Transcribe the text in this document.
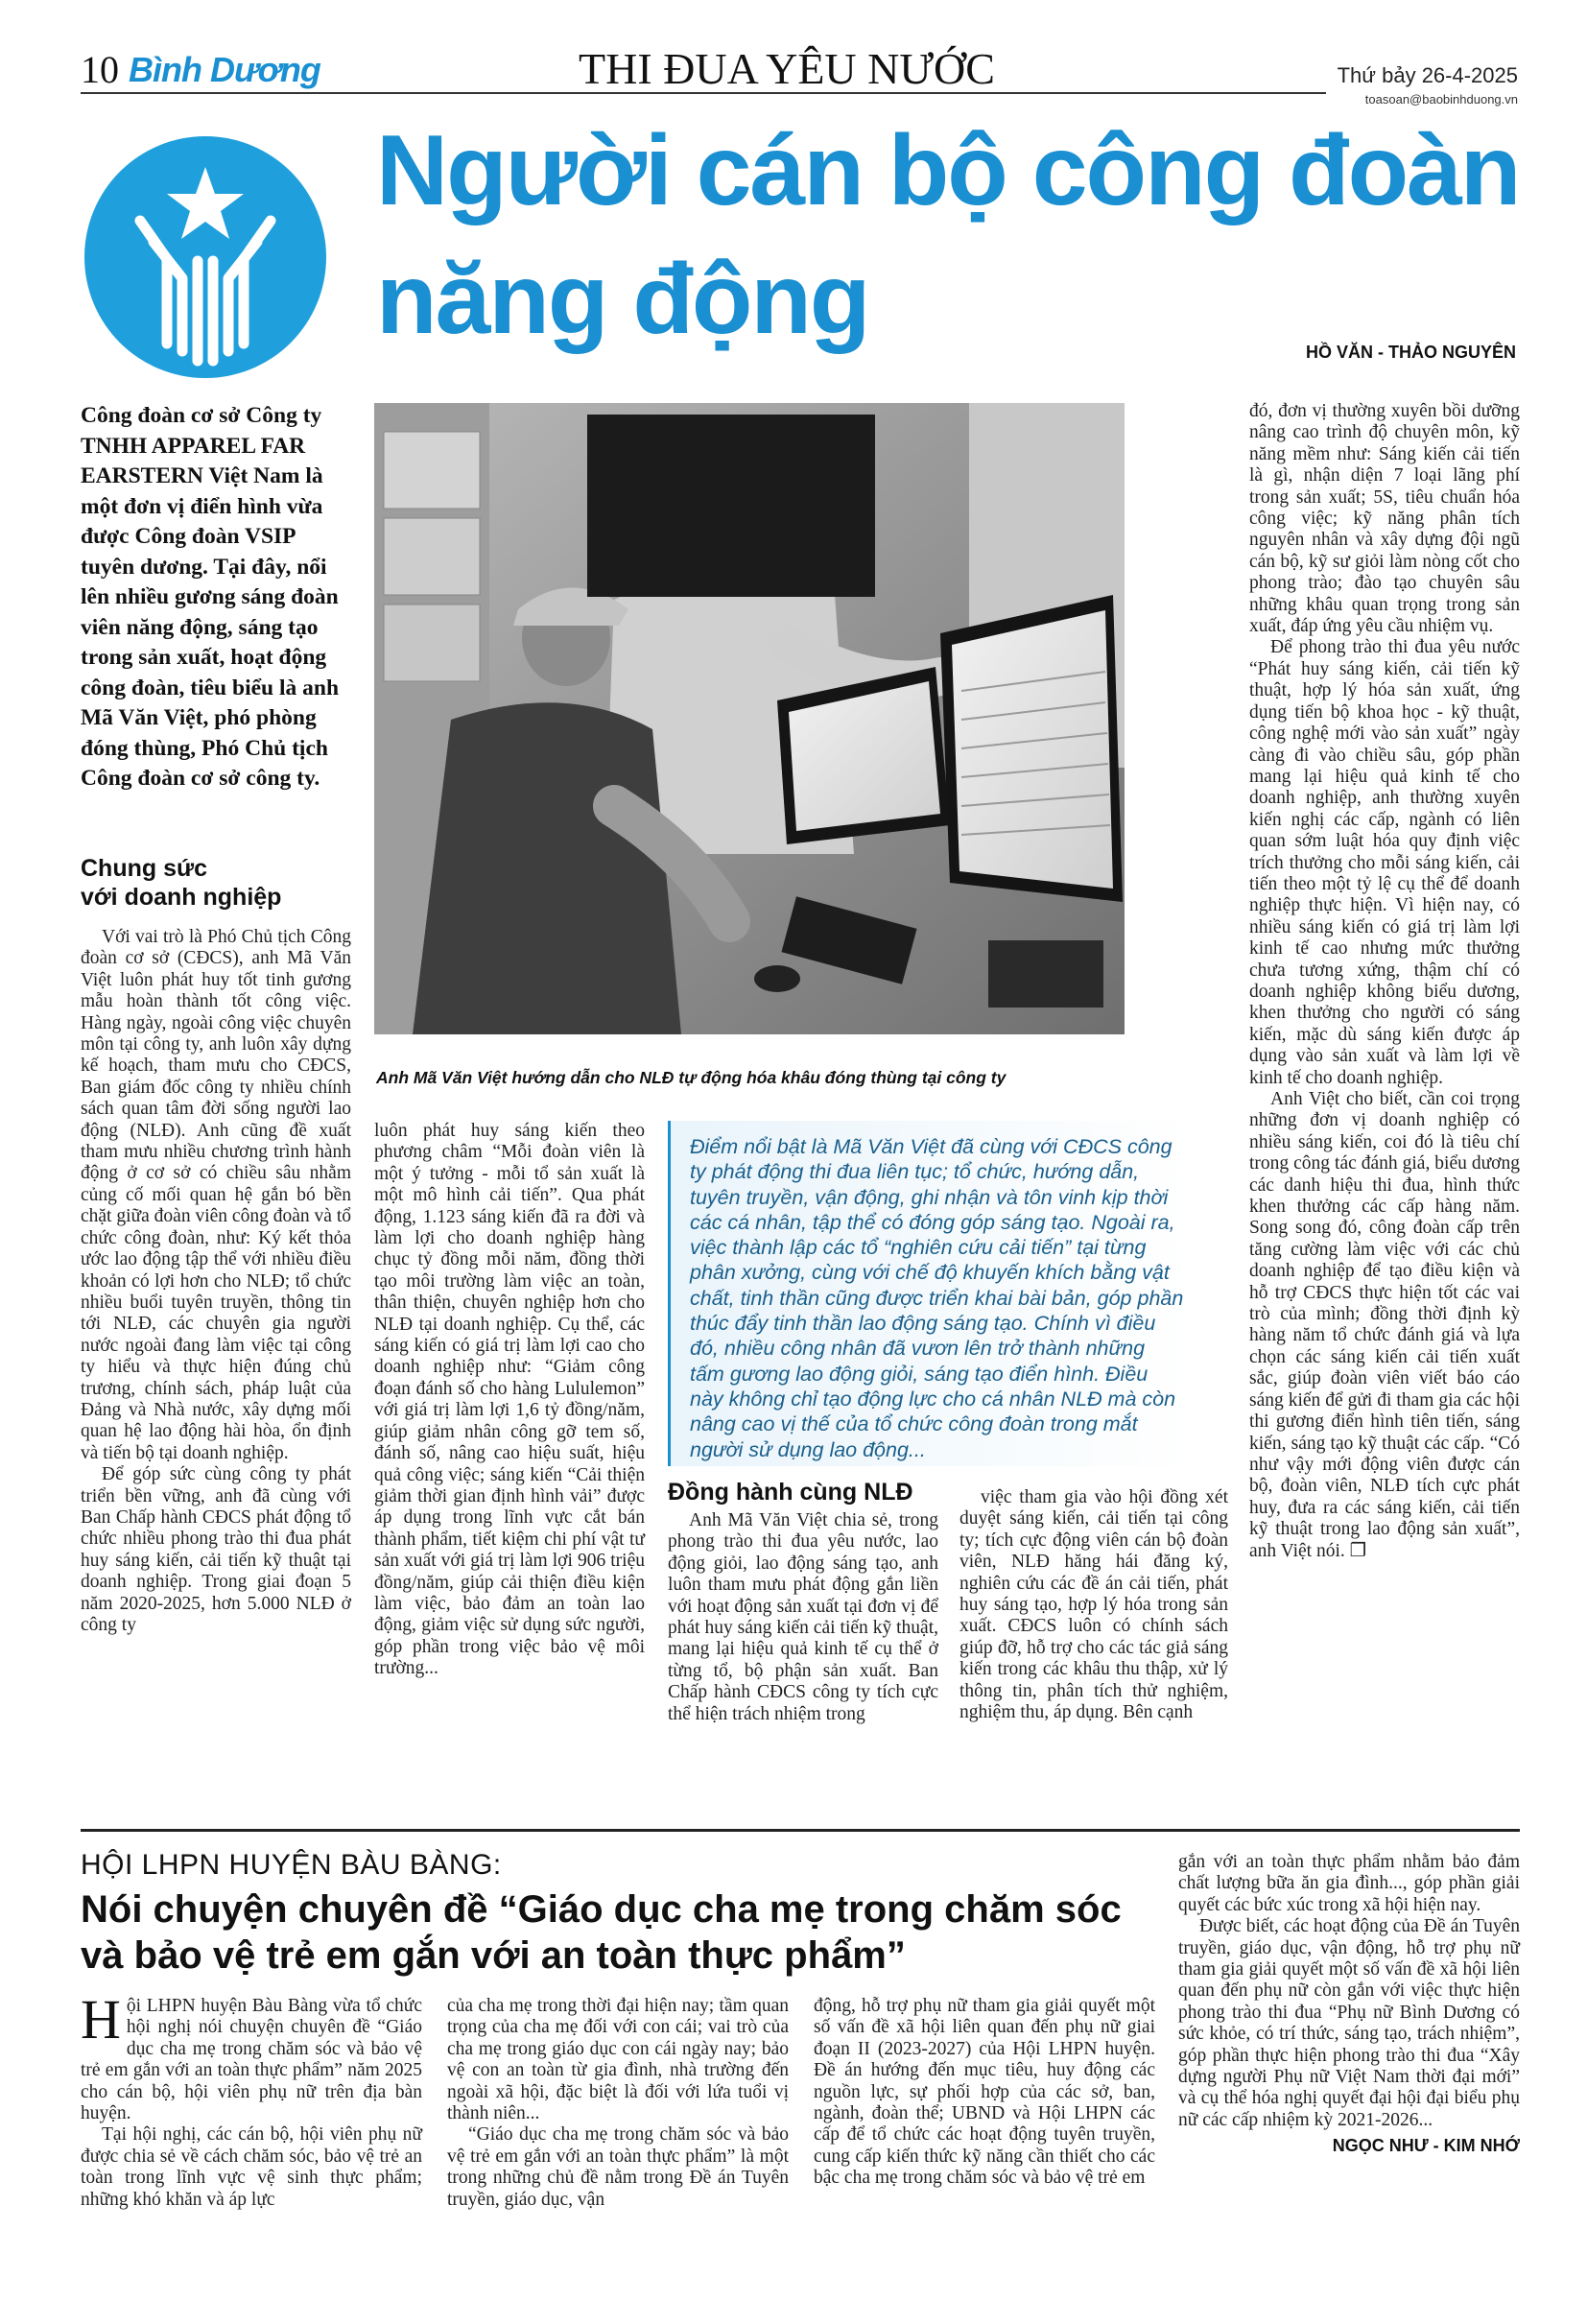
10 Bình Dương	THI ĐUA YÊU NƯỚC	Thứ bảy 26-4-2025
toasoan@baobinhduong.vn
Người cán bộ công đoàn
năng động	HỒ VĂN - THẢO NGUYÊN

Công đoàn cơ sở Công ty TNHH APPAREL FAR EARSTERN Việt Nam là một đơn vị điển hình vừa được Công đoàn VSIP tuyên dương. Tại đây, nổi lên nhiều gương sáng đoàn viên năng động, sáng tạo trong sản xuất, hoạt động công đoàn, tiêu biểu là anh Mã Văn Việt, phó phòng đóng thùng, Phó Chủ tịch Công đoàn cơ sở công ty.

Chung sức
với doanh nghiệp

Với vai trò là Phó Chủ tịch Công đoàn cơ sở (CĐCS), anh Mã Văn Việt luôn phát huy tốt tinh gương mẫu hoàn thành tốt công việc. Hàng ngày, ngoài công việc chuyên môn tại công ty, anh luôn xây dựng kế hoạch, tham mưu cho CĐCS, Ban giám đốc công ty nhiều chính sách quan tâm đời sống người lao động (NLĐ). Anh cũng đề xuất tham mưu nhiều chương trình hành động ở cơ sở có chiều sâu nhằm củng cố mối quan hệ gắn bó bền chặt giữa đoàn viên công đoàn và tổ chức công đoàn, như: Ký kết thỏa ước lao động tập thể với nhiều điều khoản có lợi hơn cho NLĐ; tổ chức nhiều buổi tuyên truyền, thông tin tới NLĐ, các chuyên gia người nước ngoài đang làm việc tại công ty hiểu và thực hiện đúng chủ trương, chính sách, pháp luật của Đảng và Nhà nước, xây dựng mối quan hệ lao động hài hòa, ổn định và tiến bộ tại doanh nghiệp.

Để góp sức cùng công ty phát triển bền vững, anh đã cùng với Ban Chấp hành CĐCS phát động tổ chức nhiều phong trào thi đua phát huy sáng kiến, cải tiến kỹ thuật tại doanh nghiệp. Trong giai đoạn 5 năm 2020-2025, hơn 5.000 NLĐ ở công ty

Anh Mã Văn Việt hướng dẫn cho NLĐ tự động hóa khâu đóng thùng tại công ty

luôn phát huy sáng kiến theo phương châm “Mỗi đoàn viên là một ý tưởng - mỗi tổ sản xuất là một mô hình cải tiến”. Qua phát động, 1.123 sáng kiến đã ra đời và làm lợi cho doanh nghiệp hàng chục tỷ đồng mỗi năm, đồng thời tạo môi trường làm việc an toàn, thân thiện, chuyên nghiệp hơn cho NLĐ tại doanh nghiệp. Cụ thể, các sáng kiến có giá trị làm lợi cao cho doanh nghiệp như: “Giảm công đoạn đánh số cho hàng Lululemon” với giá trị làm lợi 1,6 tỷ đồng/năm, giúp giảm nhân công gỡ tem số, đánh số, nâng cao hiệu suất, hiệu quả công việc; sáng kiến “Cải thiện giảm thời gian định hình vải” được áp dụng trong lĩnh vực cắt bán thành phẩm, tiết kiệm chi phí vật tư sản xuất với giá trị làm lợi 906 triệu đồng/năm, giúp cải thiện điều kiện làm việc, bảo đảm an toàn lao động, giảm việc sử dụng sức người, góp phần trong việc bảo vệ môi trường...

Điểm nổi bật là Mã Văn Việt đã cùng với CĐCS công ty phát động thi đua liên tục; tổ chức, hướng dẫn, tuyên truyền, vận động, ghi nhận và tôn vinh kịp thời các cá nhân, tập thể có đóng góp sáng tạo. Ngoài ra, việc thành lập các tổ “nghiên cứu cải tiến” tại từng phân xưởng, cùng với chế độ khuyến khích bằng vật chất, tinh thần cũng được triển khai bài bản, góp phần thúc đẩy tinh thần lao động sáng tạo. Chính vì điều đó, nhiều công nhân đã vươn lên trở thành những tấm gương lao động giỏi, sáng tạo điển hình. Điều này không chỉ tạo động lực cho cá nhân NLĐ mà còn nâng cao vị thế của tổ chức công đoàn trong mắt người sử dụng lao động...

Đồng hành cùng NLĐ

Anh Mã Văn Việt chia sẻ, trong phong trào thi đua yêu nước, lao động giỏi, lao động sáng tạo, anh luôn tham mưu phát động gắn liền với hoạt động sản xuất tại đơn vị để phát huy sáng kiến cải tiến kỹ thuật, mang lại hiệu quả kinh tế cụ thể ở từng tổ, bộ phận sản xuất. Ban Chấp hành CĐCS công ty tích cực thể hiện trách nhiệm trong

việc tham gia vào hội đồng xét duyệt sáng kiến, cải tiến tại công ty; tích cực động viên cán bộ đoàn viên, NLĐ hăng hái đăng ký, nghiên cứu các đề án cải tiến, phát huy sáng tạo, hợp lý hóa trong sản xuất. CĐCS luôn có chính sách giúp đỡ, hỗ trợ cho các tác giả sáng kiến trong các khâu thu thập, xử lý thông tin, phân tích thử nghiệm, nghiệm thu, áp dụng. Bên cạnh

đó, đơn vị thường xuyên bồi dưỡng nâng cao trình độ chuyên môn, kỹ năng mềm như: Sáng kiến cải tiến là gì, nhận diện 7 loại lãng phí trong sản xuất; 5S, tiêu chuẩn hóa công việc; kỹ năng phân tích nguyên nhân và xây dựng đội ngũ cán bộ, kỹ sư giỏi làm nòng cốt cho phong trào; đào tạo chuyên sâu những khâu quan trọng trong sản xuất, đáp ứng yêu cầu nhiệm vụ.

Để phong trào thi đua yêu nước “Phát huy sáng kiến, cải tiến kỹ thuật, hợp lý hóa sản xuất, ứng dụng tiến bộ khoa học - kỹ thuật, công nghệ mới vào sản xuất” ngày càng đi vào chiều sâu, góp phần mang lại hiệu quả kinh tế cho doanh nghiệp, anh thường xuyên kiến nghị các cấp, ngành có liên quan sớm luật hóa quy định việc trích thưởng cho mỗi sáng kiến, cải tiến theo một tỷ lệ cụ thể để doanh nghiệp thực hiện. Vì hiện nay, có nhiều sáng kiến có giá trị làm lợi kinh tế cao nhưng mức thưởng chưa tương xứng, thậm chí có doanh nghiệp không biểu dương, khen thưởng cho người có sáng kiến, mặc dù sáng kiến được áp dụng vào sản xuất và làm lợi về kinh tế cho doanh nghiệp.

Anh Việt cho biết, cần coi trọng những đơn vị doanh nghiệp có nhiều sáng kiến, coi đó là tiêu chí trong công tác đánh giá, biểu dương các danh hiệu thi đua, hình thức khen thưởng các cấp hàng năm. Song song đó, công đoàn cấp trên tăng cường làm việc với các chủ doanh nghiệp để tạo điều kiện và hỗ trợ CĐCS thực hiện tốt các vai trò của mình; đồng thời định kỳ hàng năm tổ chức đánh giá và lựa chọn các sáng kiến cải tiến xuất sắc, giúp đoàn viên viết báo cáo sáng kiến để gửi đi tham gia các hội thi gương điển hình tiên tiến, sáng kiến, sáng tạo kỹ thuật các cấp. “Có như vậy mới động viên được cán bộ, đoàn viên, NLĐ tích cực phát huy, đưa ra các sáng kiến, cải tiến kỹ thuật trong lao động sản xuất”, anh Việt nói. ❐

HỘI LHPN HUYỆN BÀU BÀNG:
Nói chuyện chuyên đề “Giáo dục cha mẹ trong chăm sóc
và bảo vệ trẻ em gắn với an toàn thực phẩm”

Hội LHPN huyện Bàu Bàng vừa tổ chức hội nghị nói chuyện chuyên đề “Giáo dục cha mẹ trong chăm sóc và bảo vệ trẻ em gắn với an toàn thực phẩm” năm 2025 cho cán bộ, hội viên phụ nữ trên địa bàn huyện.

Tại hội nghị, các cán bộ, hội viên phụ nữ được chia sẻ về cách chăm sóc, bảo vệ trẻ an toàn trong lĩnh vực vệ sinh thực phẩm; những khó khăn và áp lực

của cha mẹ trong thời đại hiện nay; tầm quan trọng của cha mẹ đối với con cái; vai trò của cha mẹ trong giáo dục con cái ngày nay; bảo vệ con an toàn từ gia đình, nhà trường đến ngoài xã hội, đặc biệt là đối với lứa tuổi vị thành niên...

“Giáo dục cha mẹ trong chăm sóc và bảo vệ trẻ em gắn với an toàn thực phẩm” là một trong những chủ đề nằm trong Đề án Tuyên truyền, giáo dục, vận

động, hỗ trợ phụ nữ tham gia giải quyết một số vấn đề xã hội liên quan đến phụ nữ giai đoạn II (2023-2027) của Hội LHPN huyện. Đề án hướng đến mục tiêu, huy động các nguồn lực, sự phối hợp của các sở, ban, ngành, đoàn thể; UBND và Hội LHPN các cấp để tổ chức các hoạt động tuyên truyền, cung cấp kiến thức kỹ năng cần thiết cho các bậc cha mẹ trong chăm sóc và bảo vệ trẻ em

gắn với an toàn thực phẩm nhằm bảo đảm chất lượng bữa ăn gia đình..., góp phần giải quyết các bức xúc trong xã hội hiện nay.

Được biết, các hoạt động của Đề án Tuyên truyền, giáo dục, vận động, hỗ trợ phụ nữ tham gia giải quyết một số vấn đề xã hội liên quan đến phụ nữ còn gắn với việc thực hiện phong trào thi đua “Phụ nữ Bình Dương có sức khỏe, có trí thức, sáng tạo, trách nhiệm”, góp phần thực hiện phong trào thi đua “Xây dựng người Phụ nữ Việt Nam thời đại mới” và cụ thể hóa nghị quyết đại hội đại biểu phụ nữ các cấp nhiệm kỳ 2021-2026...

NGỌC NHƯ - KIM NHỚ
